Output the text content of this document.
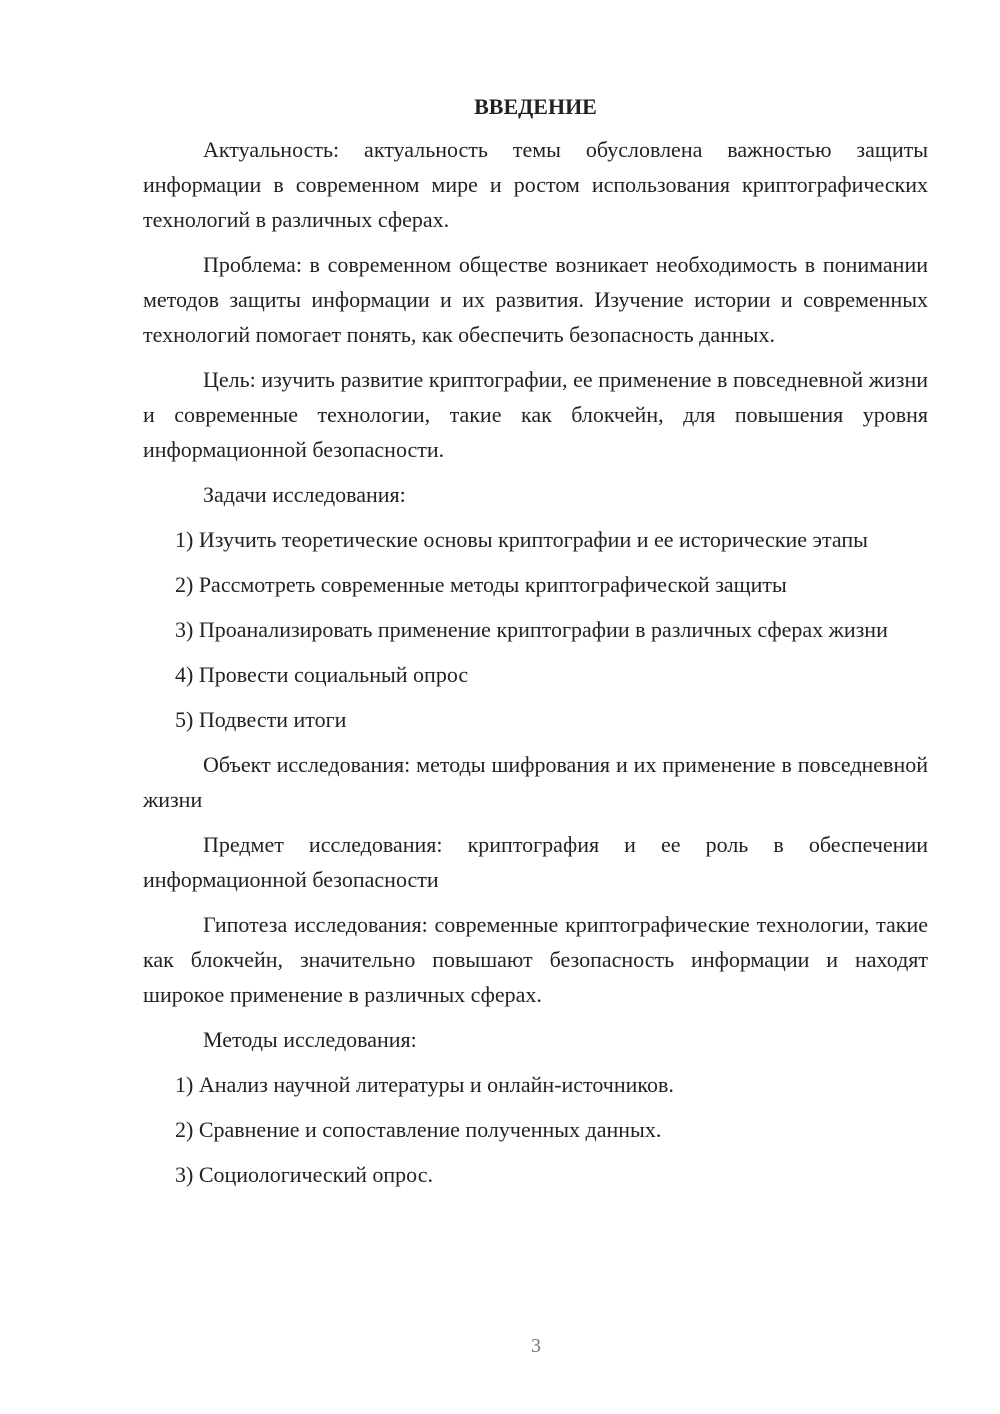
ВВЕДЕНИЕ

Актуальность: актуальность темы обусловлена важностью защиты информации в современном мире и ростом использования криптографических технологий в различных сферах.

Проблема: в современном обществе возникает необходимость в понимании методов защиты информации и их развития. Изучение истории и современных технологий помогает понять, как обеспечить безопасность данных.

Цель: изучить развитие криптографии, ее применение в повседневной жизни и современные технологии, такие как блокчейн, для повышения уровня информационной безопасности.

Задачи исследования:

1) Изучить теоретические основы криптографии и ее исторические этапы

2) Рассмотреть современные методы криптографической защиты

3) Проанализировать применение криптографии в различных сферах жизни

4) Провести социальный опрос

5) Подвести итоги

Объект исследования: методы шифрования и их применение в повседневной жизни

Предмет исследования: криптография и ее роль в обеспечении информационной безопасности

Гипотеза исследования: современные криптографические технологии, такие как блокчейн, значительно повышают безопасность информации и находят широкое применение в различных сферах.

Методы исследования:

1) Анализ научной литературы и онлайн-источников.

2) Сравнение и сопоставление полученных данных.

3) Социологический опрос.

3
